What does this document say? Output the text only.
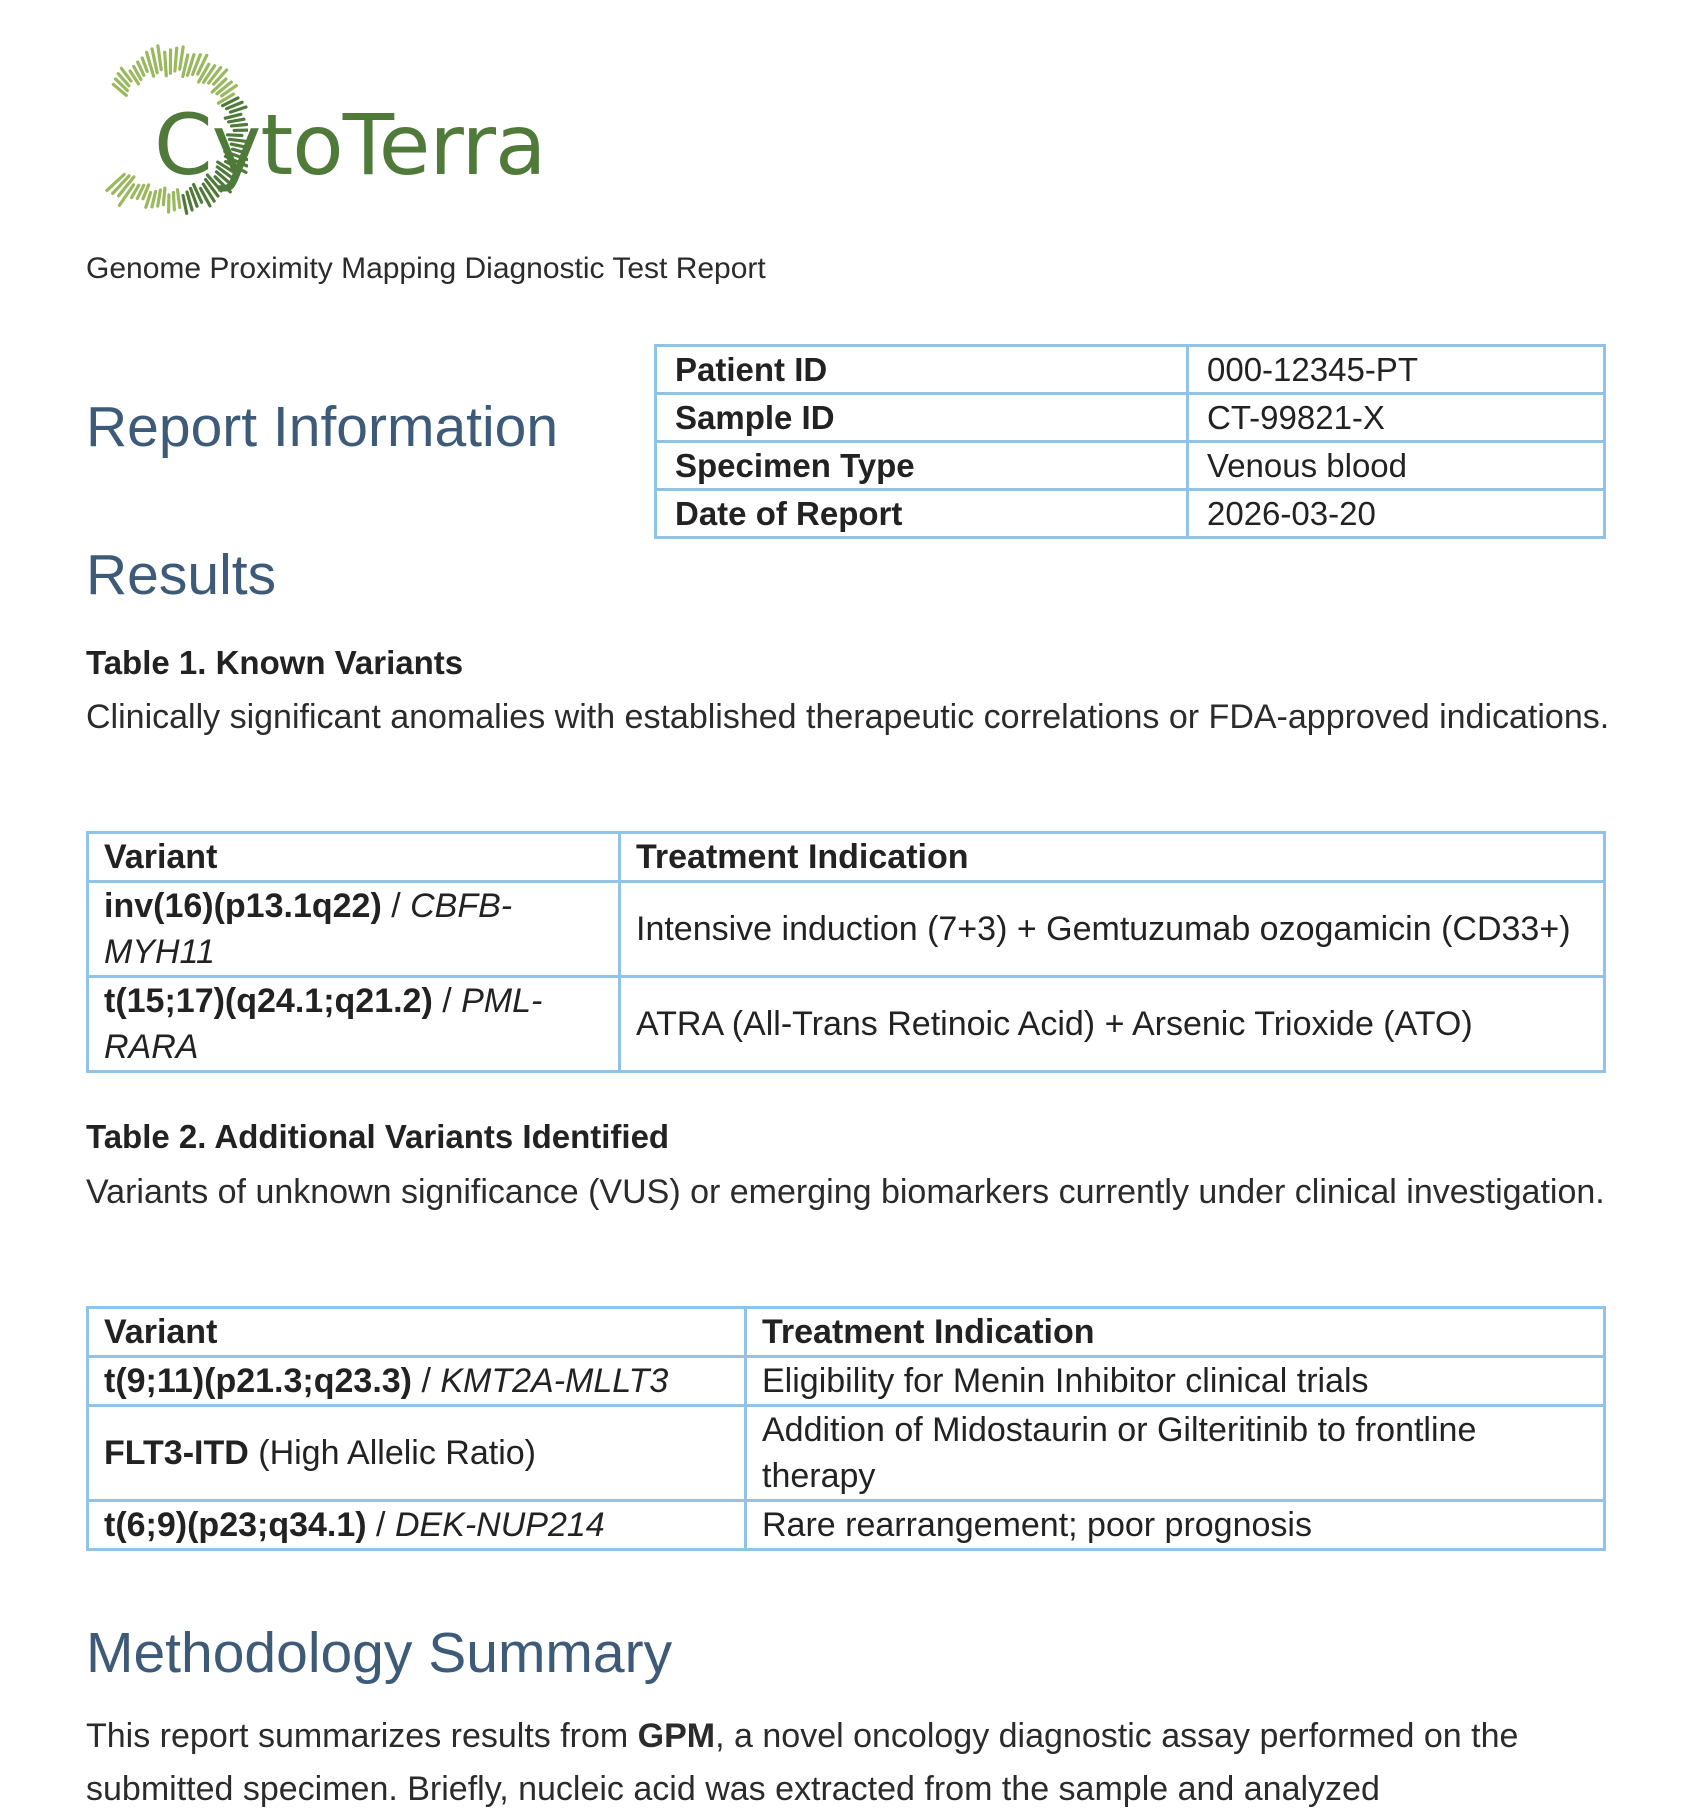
CytoTerra
Genome Proximity Mapping Diagnostic Test Report
Report Information
Patient ID	000-12345-PT
Sample ID	CT-99821-X
Specimen Type	Venous blood
Date of Report	2026-03-20
Results
Table 1. Known Variants
Clinically significant anomalies with established therapeutic correlations or FDA-approved indications.
Variant	Treatment Indication
inv(16)(p13.1q22) / CBFB-MYH11	Intensive induction (7+3) + Gemtuzumab ozogamicin (CD33+)
t(15;17)(q24.1;q21.2) / PML-RARA	ATRA (All-Trans Retinoic Acid) + Arsenic Trioxide (ATO)
Table 2. Additional Variants Identified
Variants of unknown significance (VUS) or emerging biomarkers currently under clinical investigation.
Variant	Treatment Indication
t(9;11)(p21.3;q23.3) / KMT2A-MLLT3	Eligibility for Menin Inhibitor clinical trials
FLT3-ITD (High Allelic Ratio)	Addition of Midostaurin or Gilteritinib to frontline therapy
t(6;9)(p23;q34.1) / DEK-NUP214	Rare rearrangement; poor prognosis
Methodology Summary
This report summarizes results from GPM, a novel oncology diagnostic assay performed on the submitted specimen. Briefly, nucleic acid was extracted from the sample and analyzed
